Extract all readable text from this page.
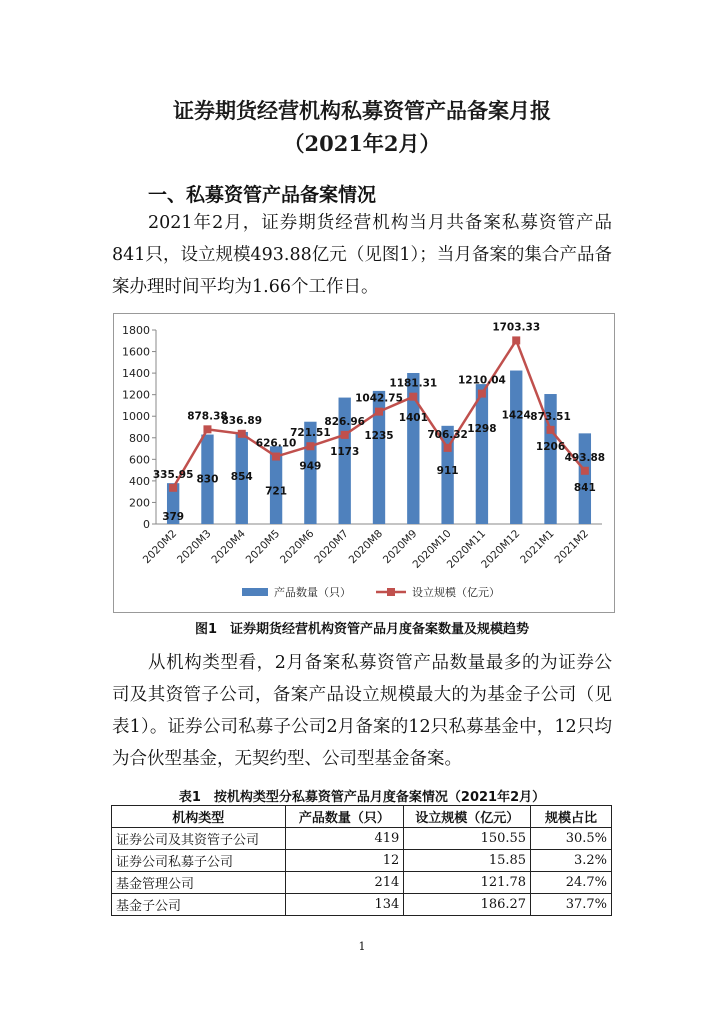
证券期货经营机构私募资管产品备案月报
（2021年2月）
一、私募资管产品备案情况
2021年2月，证券期货经营机构当月共备案私募资管产品841只，设立规模493.88亿元（见图1）；当月备案的集合产品备案办理时间平均为1.66个工作日。
0
200
400
600
800
1000
1200
1400
1600
1800
2020M2
2020M3
2020M4
2020M5
2020M6
2020M7
2020M8
2020M9
2020M10
2020M11
2020M12
2021M1
2021M2
335.95
878.38
836.89
626.10
721.51
826.96
1042.75
1181.31
706.32
1210.04
1703.33
873.51
493.88
379
830 854
721
949
1173
1235
1401
911
1298
1424
1206
841
产品数量（只）	设立规模（亿元）
图1　证券期货经营机构资管产品月度备案数量及规模趋势
从机构类型看，2月备案私募资管产品数量最多的为证券公司及其资管子公司，备案产品设立规模最大的为基金子公司（见表1）。证券公司私募子公司2月备案的12只私募基金中，12只均为合伙型基金，无契约型、公司型基金备案。
表1　按机构类型分私募资管产品月度备案情况（2021年2月）
机构类型	产品数量（只）	设立规模（亿元）	规模占比
证券公司及其资管子公司	419	150.55	30.5%
证券公司私募子公司	12	15.85	3.2%
基金管理公司	214	121.78	24.7%
基金子公司	134	186.27	37.7%
1
